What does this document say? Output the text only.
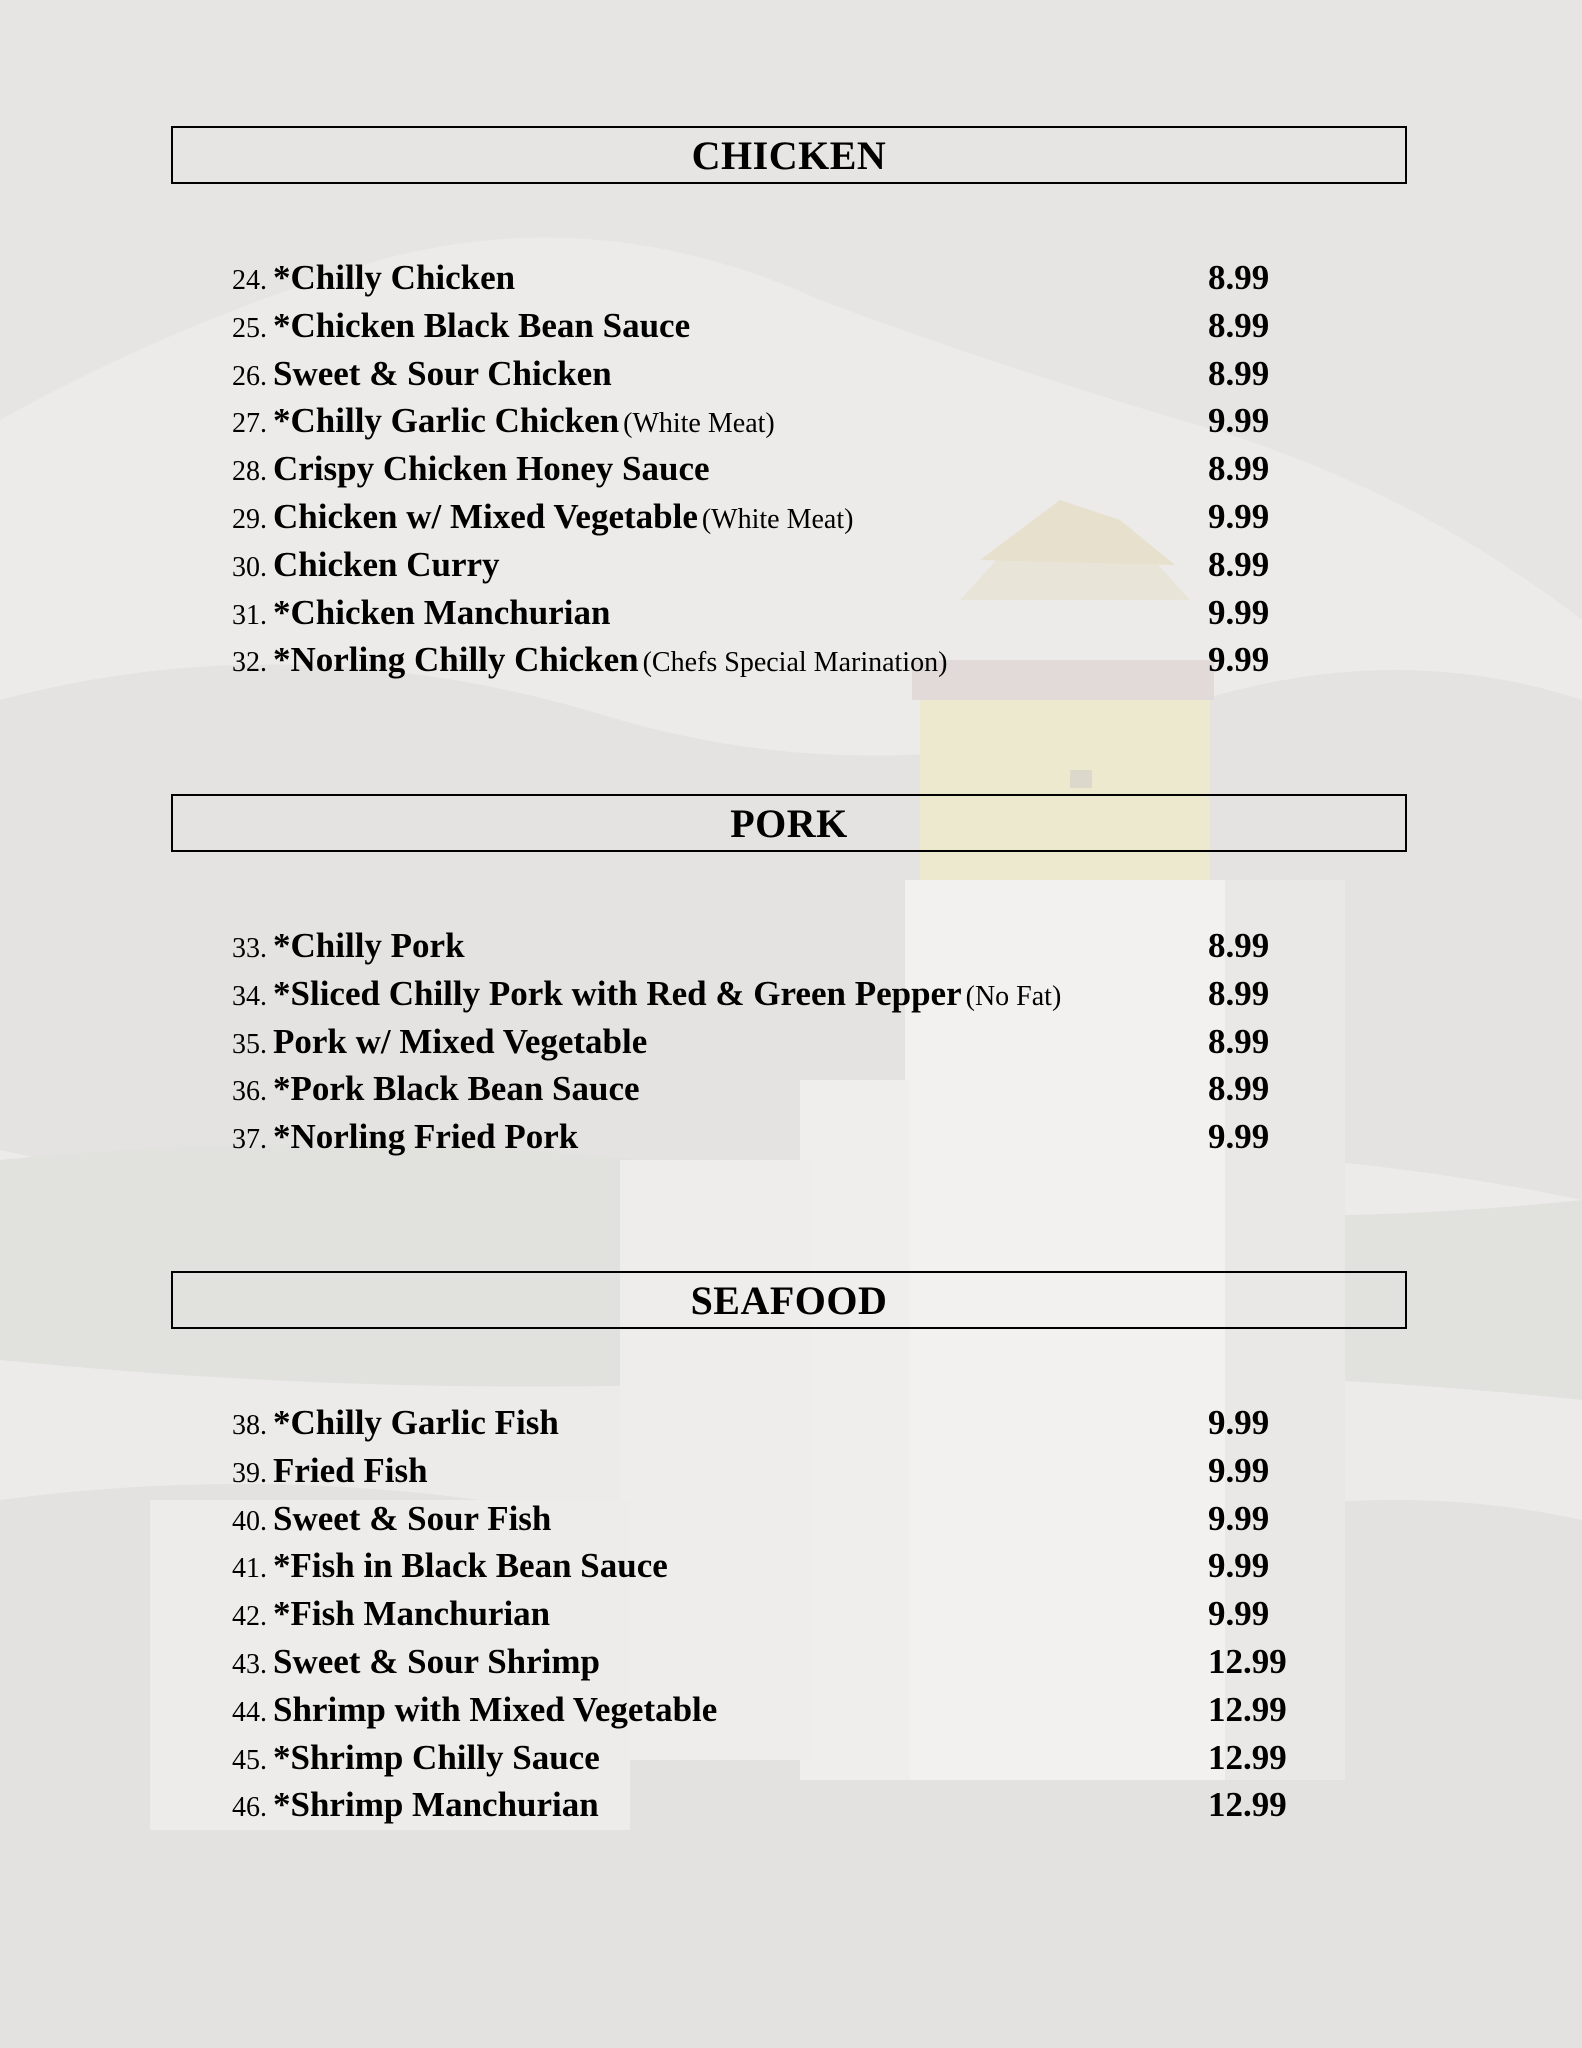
CHICKEN
24. *Chilly Chicken	8.99
25. *Chicken Black Bean Sauce	8.99
26. Sweet & Sour Chicken	8.99
27. *Chilly Garlic Chicken (White Meat)	9.99
28. Crispy Chicken Honey Sauce	8.99
29. Chicken w/ Mixed Vegetable (White Meat)	9.99
30. Chicken Curry	8.99
31. *Chicken Manchurian	9.99
32. *Norling Chilly Chicken (Chefs Special Marination)	9.99
PORK
33. *Chilly Pork	8.99
34. *Sliced Chilly Pork with Red & Green Pepper (No Fat)	8.99
35. Pork w/ Mixed Vegetable	8.99
36. *Pork Black Bean Sauce	8.99
37. *Norling Fried Pork	9.99
SEAFOOD
38. *Chilly Garlic Fish	9.99
39. Fried Fish	9.99
40. Sweet & Sour Fish	9.99
41. *Fish in Black Bean Sauce	9.99
42. *Fish Manchurian	9.99
43. Sweet & Sour Shrimp	12.99
44. Shrimp with Mixed Vegetable	12.99
45. *Shrimp Chilly Sauce	12.99
46. *Shrimp Manchurian	12.99
